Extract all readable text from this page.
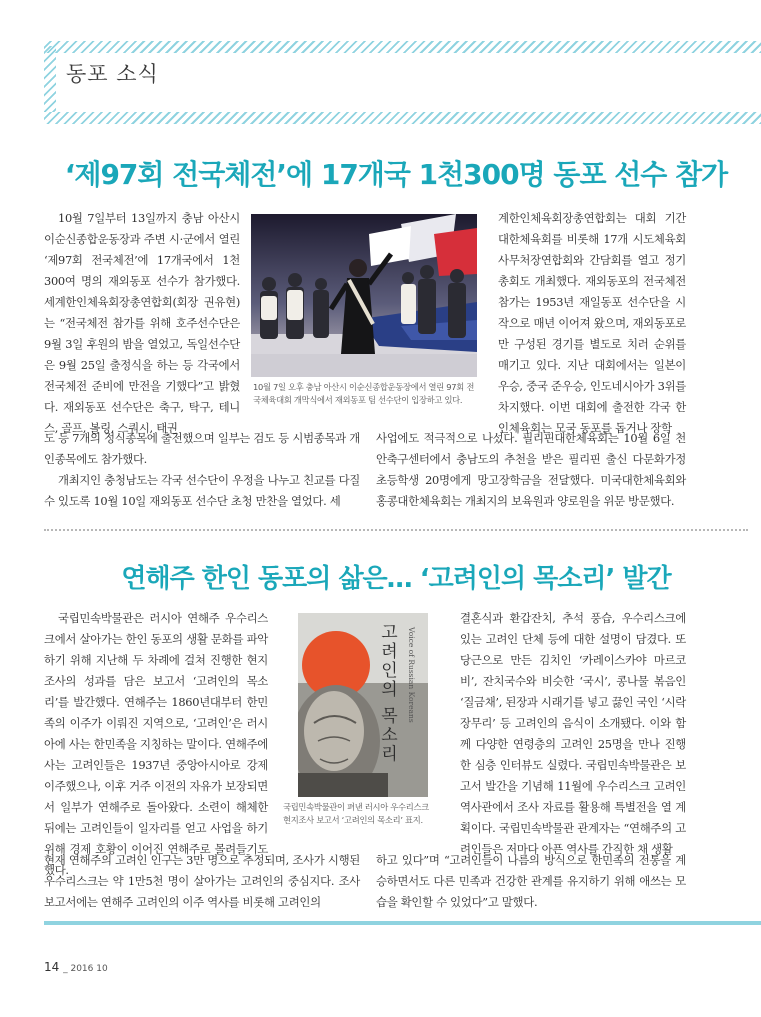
동포 소식
‘제97회 전국체전’에 17개국 1천300명 동포 선수 참가

10월 7일부터 13일까지 충남 아산시 이순신종합운동장과 주변 시·군에서 열린 ‘제97회 전국체전’에 17개국에서 1천300여 명의 재외동포 선수가 참가했다. 세계한인체육회장총연합회(회장 권유현)는 “전국체전 참가를 위해 호주선수단은 9월 3일 후원의 밤을 열었고, 독일선수단은 9월 25일 출정식을 하는 등 각국에서 전국체전 준비에 만전을 기했다”고 밝혔다. 재외동포 선수단은 축구, 탁구, 테니스, 골프, 볼링, 스쿼시, 태권

10월 7일 오후 충남 아산시 이순신종합운동장에서 열린 97회 전국체육대회 개막식에서 재외동포 팀 선수단이 입장하고 있다.

계한인체육회장총연합회는 대회 기간 대한체육회를 비롯해 17개 시도체육회 사무처장연합회와 간담회를 열고 정기총회도 개최했다. 재외동포의 전국체전 참가는 1953년 재일동포 선수단을 시작으로 매년 이어져 왔으며, 재외동포로만 구성된 경기를 별도로 치러 순위를 매기고 있다. 지난 대회에서는 일본이 우승, 중국 준우승, 인도네시아가 3위를 차지했다. 이번 대회에 출전한 각국 한인체육회는 모국 동포를 돕거나 장학

도 등 7개의 정식종목에 출전했으며 일부는 검도 등 시범종목과 개인종목에도 참가했다.

개최지인 충청남도는 각국 선수단이 우정을 나누고 친교를 다질 수 있도록 10월 10일 재외동포 선수단 초청 만찬을 열었다. 세

사업에도 적극적으로 나섰다. 필리핀대한체육회는 10월 6일 천안축구센터에서 충남도의 추천을 받은 필리핀 출신 다문화가정 초등학생 20명에게 망고장학금을 전달했다. 미국대한체육회와 홍콩대한체육회는 개최지의 보육원과 양로원을 위문 방문했다.

연해주 한인 동포의 삶은… ‘고려인의 목소리’ 발간

국립민속박물관은 러시아 연해주 우수리스크에서 살아가는 한인 동포의 생활 문화를 파악하기 위해 지난해 두 차례에 걸쳐 진행한 현지 조사의 성과를 담은 보고서 ‘고려인의 목소리’를 발간했다. 연해주는 1860년대부터 한민족의 이주가 이뤄진 지역으로, ‘고려인’은 러시아에 사는 한민족을 지칭하는 말이다. 연해주에 사는 고려인들은 1937년 중앙아시아로 강제 이주했으나, 이후 거주 이전의 자유가 보장되면서 일부가 연해주로 돌아왔다. 소련이 해체한 뒤에는 고려인들이 일자리를 얻고 사업을 하기 위해 경제 호황이 이어진 연해주로 몰려들기도 했다.

고려인의 목소리	Voice of Russian Koreans
국립민속박물관이 펴낸 러시아 우수리스크
현지조사 보고서 ‘고려인의 목소리’ 표지.

현재 연해주의 고려인 인구는 3만 명으로 추정되며, 조사가 시행된 우수리스크는 약 1만5천 명이 살아가는 고려인의 중심지다. 조사 보고서에는 연해주 고려인의 이주 역사를 비롯해 고려인의

결혼식과 환갑잔치, 추석 풍습, 우수리스크에 있는 고려인 단체 등에 대한 설명이 담겼다. 또 당근으로 만든 김치인 ‘카레이스카야 마르코비’, 잔치국수와 비슷한 ‘국시’, 콩나물 볶음인 ‘질금채’, 된장과 시래기를 넣고 끓인 국인 ‘시락장무리’ 등 고려인의 음식이 소개됐다. 이와 함께 다양한 연령층의 고려인 25명을 만나 진행한 심층 인터뷰도 실렸다. 국립민속박물관은 보고서 발간을 기념해 11월에 우수리스크 고려인역사관에서 조사 자료를 활용해 특별전을 열 계획이다. 국립민속박물관 관계자는 “연해주의 고려인들은 저마다 아픈 역사를 간직한 채 생활

하고 있다”며 “고려인들이 나름의 방식으로 한민족의 전통을 계승하면서도 다른 민족과 건강한 관계를 유지하기 위해 애쓰는 모습을 확인할 수 있었다”고 말했다.

14 _ 2016 10
